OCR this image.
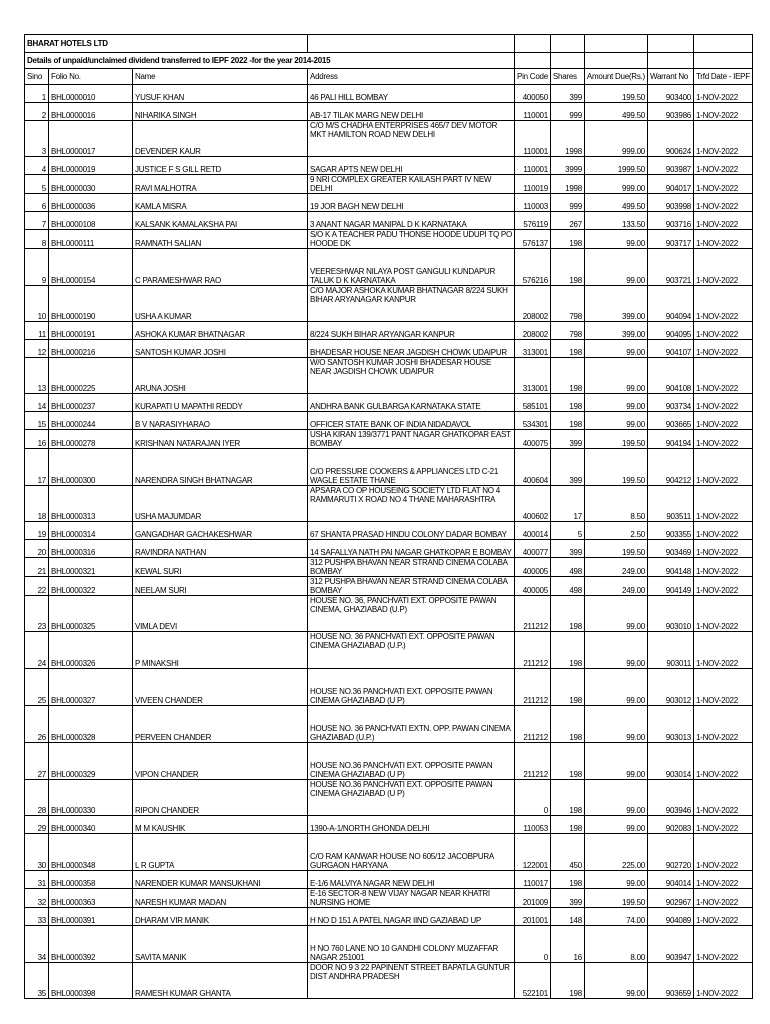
BHARAT HOTELS LTD								
Details of unpaid/unclaimed dividend transferred to IEPF 2022 -for the year 2014-2015								
Sino	Folio No.	Name	Address	Pin Code	Shares	Amount Due(Rs.)	Warrant No	Trfd Date - IEPF
1	BHL0000010	YUSUF KHAN	46 PALI HILL BOMBAY	400050	399	199.50	903400	1-NOV-2022
2	BHL0000016	NIHARIKA SINGH	AB-17 TILAK MARG NEW DELHI	110001	999	499.50	903986	1-NOV-2022
3	BHL0000017	DEVENDER KAUR	C/O M/S CHADHA ENTERPRISES 465/7 DEV MOTOR MKT HAMILTON ROAD NEW DELHI	110001	1998	999.00	900624	1-NOV-2022
4	BHL0000019	JUSTICE F S GILL RETD	SAGAR APTS NEW DELHI	110001	3999	1999.50	903987	1-NOV-2022
5	BHL0000030	RAVI MALHOTRA	9 NRI COMPLEX GREATER KAILASH PART IV NEW DELHI	110019	1998	999.00	904017	1-NOV-2022
6	BHL0000036	KAMLA MISRA	19 JOR BAGH NEW DELHI	110003	999	499.50	903998	1-NOV-2022
7	BHL0000108	KALSANK KAMALAKSHA PAI	3 ANANT NAGAR MANIPAL D K KARNATAKA	576119	267	133.50	903716	1-NOV-2022
8	BHL0000111	RAMNATH SALIAN	S/O K A TEACHER PADU THONSE HOODE UDUPI TQ PO HOODE DK	576137	198	99.00	903717	1-NOV-2022
9	BHL0000154	C PARAMESHWAR RAO	VEERESHWAR NILAYA POST GANGULI KUNDAPUR TALUK D K KARNATAKA	576216	198	99.00	903721	1-NOV-2022
10	BHL0000190	USHA A KUMAR	C/O MAJOR ASHOKA KUMAR BHATNAGAR 8/224 SUKH BIHAR ARYANAGAR KANPUR	208002	798	399.00	904094	1-NOV-2022
11	BHL0000191	ASHOKA KUMAR BHATNAGAR	8/224 SUKH BIHAR ARYANGAR KANPUR	208002	798	399.00	904095	1-NOV-2022
12	BHL0000216	SANTOSH KUMAR JOSHI	BHADESAR HOUSE NEAR JAGDISH CHOWK UDAIPUR	313001	198	99.00	904107	1-NOV-2022
13	BHL0000225	ARUNA JOSHI	W/O SANTOSH KUMAR JOSHI BHADESAR HOUSE NEAR JAGDISH CHOWK UDAIPUR	313001	198	99.00	904108	1-NOV-2022
14	BHL0000237	KURAPATI U MAPATHI REDDY	ANDHRA BANK GULBARGA KARNATAKA STATE	585101	198	99.00	903734	1-NOV-2022
15	BHL0000244	B V NARASIYHARAO	OFFICER STATE BANK OF INDIA NIDADAVOL	534301	198	99.00	903665	1-NOV-2022
16	BHL0000278	KRISHNAN NATARAJAN IYER	USHA KIRAN 139/3771 PANT NAGAR GHATKOPAR EAST BOMBAY	400075	399	199.50	904194	1-NOV-2022
17	BHL0000300	NARENDRA SINGH BHATNAGAR	C/O PRESSURE COOKERS & APPLIANCES LTD C-21 WAGLE ESTATE THANE	400604	399	199.50	904212	1-NOV-2022
18	BHL0000313	USHA MAJUMDAR	APSARA CO OP HOUSEING SOCIETY LTD FLAT NO 4 RAMMARUTI X ROAD NO 4 THANE MAHARASHTRA	400602	17	8.50	903511	1-NOV-2022
19	BHL0000314	GANGADHAR GACHAKESHWAR	67 SHANTA PRASAD HINDU COLONY DADAR BOMBAY	400014	5	2.50	903355	1-NOV-2022
20	BHL0000316	RAVINDRA NATHAN	14 SAFALLYA NATH PAI NAGAR GHATKOPAR E BOMBAY	400077	399	199.50	903469	1-NOV-2022
21	BHL0000321	KEWAL SURI	312 PUSHPA BHAVAN NEAR STRAND CINEMA COLABA BOMBAY	400005	498	249.00	904148	1-NOV-2022
22	BHL0000322	NEELAM SURI	312 PUSHPA BHAVAN NEAR STRAND CINEMA COLABA BOMBAY	400005	498	249.00	904149	1-NOV-2022
23	BHL0000325	VIMLA DEVI	HOUSE NO. 36, PANCHVATI EXT. OPPOSITE PAWAN CINEMA, GHAZIABAD (U.P)	211212	198	99.00	903010	1-NOV-2022
24	BHL0000326	P MINAKSHI	HOUSE NO. 36 PANCHVATI EXT. OPPOSITE PAWAN CINEMA GHAZIABAD (U.P.)	211212	198	99.00	903011	1-NOV-2022
25	BHL0000327	VIVEEN CHANDER	HOUSE NO.36 PANCHVATI EXT. OPPOSITE PAWAN CINEMA GHAZIABAD (U P)	211212	198	99.00	903012	1-NOV-2022
26	BHL0000328	PERVEEN CHANDER	HOUSE NO. 36 PANCHVATI EXTN. OPP. PAWAN CINEMA GHAZIABAD (U.P.)	211212	198	99.00	903013	1-NOV-2022
27	BHL0000329	VIPON CHANDER	HOUSE NO.36 PANCHVATI EXT. OPPOSITE PAWAN CINEMA GHAZIABAD (U P)	211212	198	99.00	903014	1-NOV-2022
28	BHL0000330	RIPON CHANDER	HOUSE NO.36 PANCHVATI EXT. OPPOSITE PAWAN CINEMA GHAZIABAD (U P)	0	198	99.00	903946	1-NOV-2022
29	BHL0000340	M M KAUSHIK	1390-A-1/NORTH GHONDA DELHI	110053	198	99.00	902083	1-NOV-2022
30	BHL0000348	L R GUPTA	C/O RAM KANWAR HOUSE NO 605/12 JACOBPURA GURGAON HARYANA	122001	450	225.00	902720	1-NOV-2022
31	BHL0000358	NARENDER KUMAR MANSUKHANI	E-1/6 MALVIYA NAGAR NEW DELHI	110017	198	99.00	904014	1-NOV-2022
32	BHL0000363	NARESH KUMAR MADAN	E-16 SECTOR-8 NEW VIJAY NAGAR NEAR KHATRI NURSING HOME	201009	399	199.50	902967	1-NOV-2022
33	BHL0000391	DHARAM VIR MANIK	H NO D 151 A PATEL NAGAR IIND GAZIABAD UP	201001	148	74.00	904089	1-NOV-2022
34	BHL0000392	SAVITA MANIK	H NO 760 LANE NO 10 GANDHI COLONY MUZAFFAR NAGAR 251001	0	16	8.00	903947	1-NOV-2022
35	BHL0000398	RAMESH KUMAR GHANTA	DOOR NO 9 3 22 PAPINENT STREET BAPATLA GUNTUR DIST ANDHRA PRADESH	522101	198	99.00	903659	1-NOV-2022
